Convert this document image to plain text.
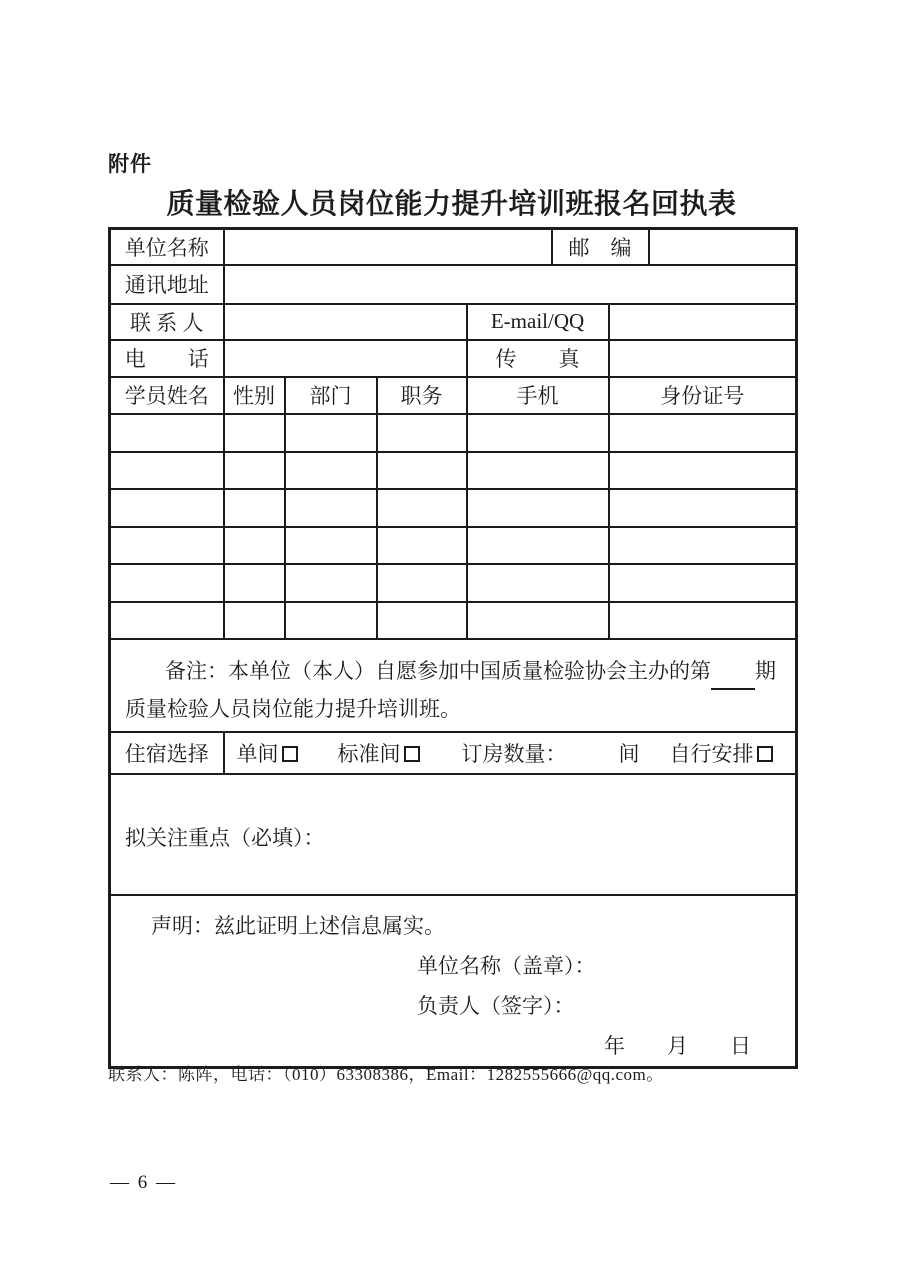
附件
质量检验人员岗位能力提升培训班报名回执表
单位名称					邮　编		
通讯地址							
联 系 人				E-mail/QQ			
电　　话				传　　真			
学员姓名	性别	部门	职务	手机		身份证号	

备注：本单位（本人）自愿参加中国质量检验协会主办的第 期
质量检验人员岗位能力提升培训班。							

住宿选择	单间 标准间 订房数量： 间 自行安排						

拟关注重点（必填）：							

声明：兹此证明上述信息属实。
单位名称（盖章）：
负责人（签字）：
年　　月　　日							
联系人：陈阵，电话：（010）63308386，Email：1282555666@qq.com。
— 6 —
